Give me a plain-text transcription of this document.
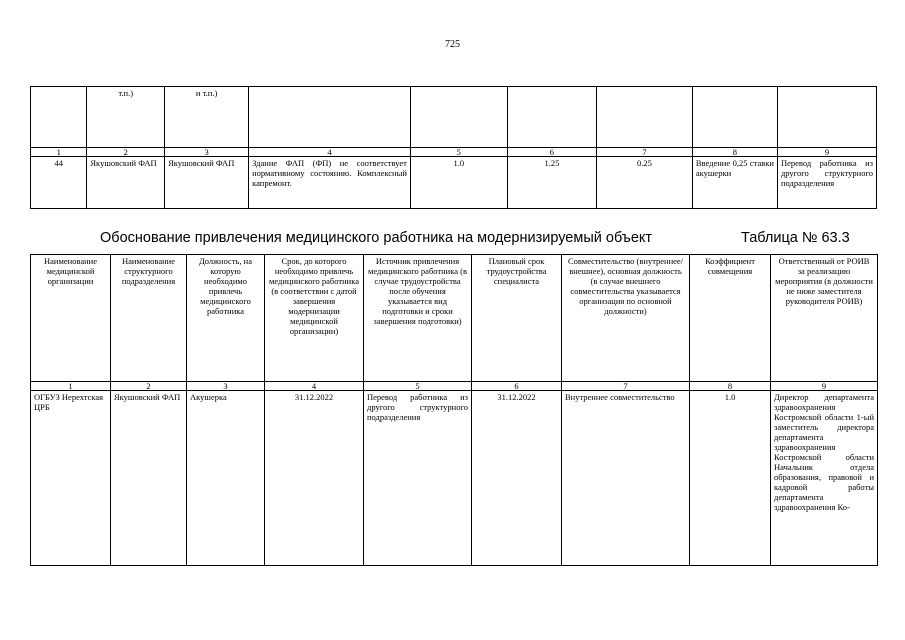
725
	т.п.)	и т.п.)						
1	2	3	4	5	6	7	8	9
44	Якушовский ФАП	Якушовский ФАП	Здание ФАП (ФП) не соответствует нормативному состоянию. Комплексный капремонт.	1.0	1.25	0.25	Введение 0,25 ставки акушерки	Перевод работника из другого структурного подразделения
Обоснование привлечения медицинского работника на модернизируемый объект	Таблица № 63.3
Наименование медицинской организации	Наименование структурного подразделения	Должность, на которую необходимо привлечь медицинского работника	Срок, до которого необходимо привлечь медицинского работника (в соответствии с датой завершения модернизации медицинской организации)	Источник привлечения медицинского работника (в случае трудоустройства после обучения указывается вид подготовки и сроки завершения подготовки)	Плановый срок трудоустройства специалиста	Совместительство (внутреннее/внешнее), основная должность (в случае внешнего совместительства указывается организация по основной должности)	Коэффициент совмещения	Ответственный от РОИВ за реализацию мероприятия (в должности не ниже заместителя руководителя РОИВ)
1	2	3	4	5	6	7	8	9
ОГБУЗ Нерехтская ЦРБ	Якушовский ФАП	Акушерка	31.12.2022	Перевод работника из другого структурного подразделения	31.12.2022	Внутреннее совместительство	1.0	Директор департамента здравоохранения Костромской области 1-ый заместитель директора департамента здравоохранения Костромской области Начальник отдела образования, правовой и кадровой работы департамента здравоохранения Ко-
